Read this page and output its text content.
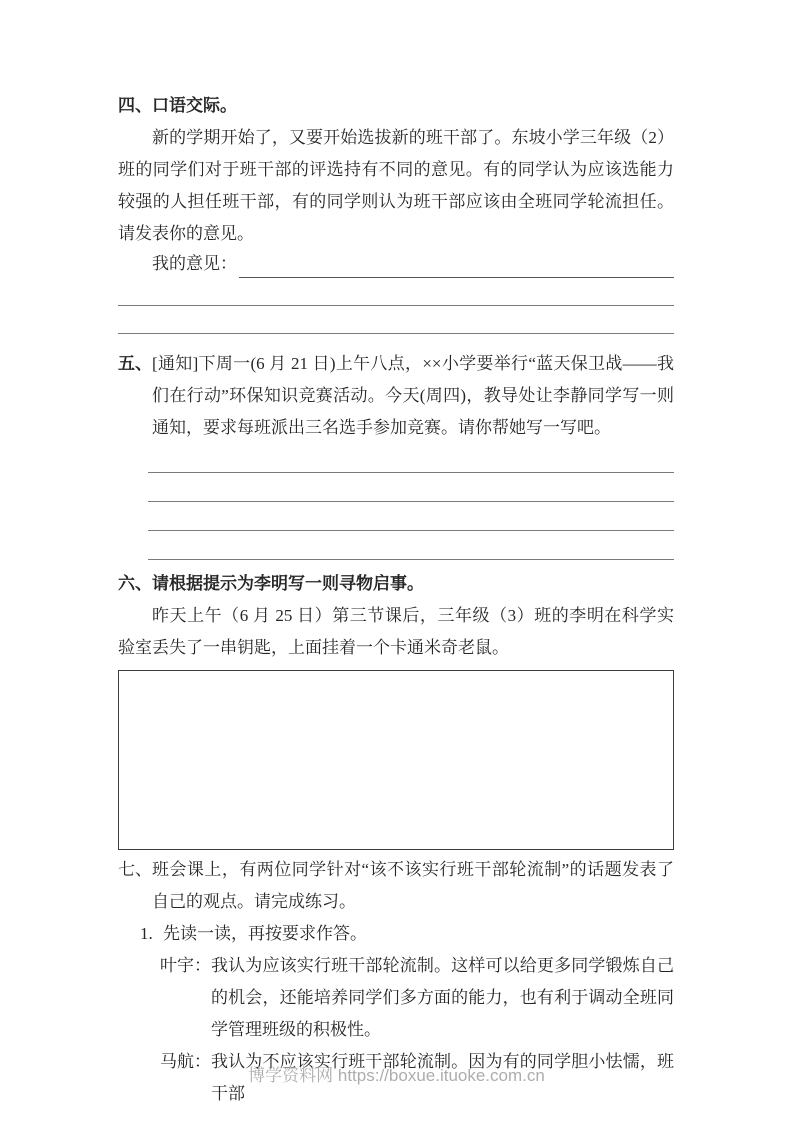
四、口语交际。

新的学期开始了，又要开始选拔新的班干部了。东坡小学三年级（2）班的同学们对于班干部的评选持有不同的意见。有的同学认为应该选能力较强的人担任班干部，有的同学则认为班干部应该由全班同学轮流担任。请发表你的意见。

我的意见：
五、 [通知]下周一(6 月 21 日)上午八点，××小学要举行“蓝天保卫战——我们在行动”环保知识竞赛活动。今天(周四)，教导处让李静同学写一则通知，要求每班派出三名选手参加竞赛。请你帮她写一写吧。
六、请根据提示为李明写一则寻物启事。

昨天上午（6 月 25 日）第三节课后，三年级（3）班的李明在科学实验室丢失了一串钥匙，上面挂着一个卡通米奇老鼠。

七、 班会课上，有两位同学针对“该不该实行班干部轮流制”的话题发表了自己的观点。请完成练习。
1. 先读一读，再按要求作答。
叶宇： 我认为应该实行班干部轮流制。这样可以给更多同学锻炼自己的机会，还能培养同学们多方面的能力，也有利于调动全班同学管理班级的积极性。
马航： 我认为不应该实行班干部轮流制。因为有的同学胆小怯懦，班干部
博学资料网 https://boxue.ituoke.com.cn
